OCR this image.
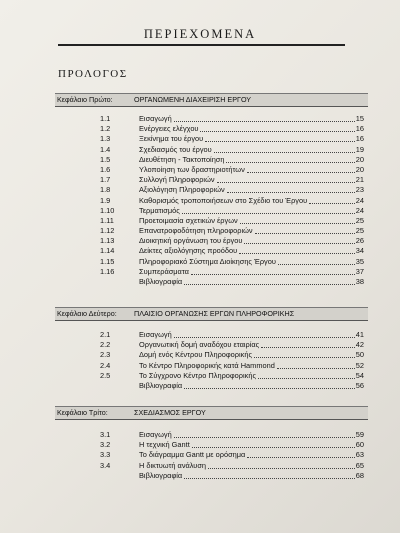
ΠΕΡΙΕΧΟΜΕΝΑ
ΠΡΟΛΟΓΟΣ
Κεφάλαιο Πρώτο:	ΟΡΓΑΝΩΜΕΝΗ ΔΙΑΧΕΙΡΙΣΗ ΕΡΓΟΥ
1.1	Εισαγωγή	15
1.2	Ενέργειες ελέγχου	16
1.3	Ξεκίνημα του έργου	16
1.4	Σχεδιασμός του έργου	19
1.5	Διευθέτηση - Τακτοποίηση	20
1.6	Υλοποίηση των δραστηριοτήτων	20
1.7	Συλλογή Πληροφοριών	21
1.8	Αξιολόγηση Πληροφοριών	23
1.9	Καθορισμός τροποποιήσεων στο Σχέδιο του Έργου	24
1.10	Τερματισμός	24
1.11	Προετοιμασία σχετικών έργων	25
1.12	Επανατροφοδότηση πληροφοριών	25
1.13	Διοικητική οργάνωση του έργου	26
1.14	Δείκτες αξιολόγησης προόδου	34
1.15	Πληροφοριακό Σύστημα Διοίκησης Έργου	35
1.16	Συμπεράσματα	37
Βιβλιογραφία	38
Κεφάλαιο Δεύτερο: ΠΛΑΙΣΙΟ ΟΡΓΑΝΩΣΗΣ ΕΡΓΩΝ ΠΛΗΡΟΦΟΡΙΚΗΣ
2.1	Εισαγωγή	41
2.2	Οργανωτική δομή αναδόχου εταιρίας	42
2.3	Δομή ενός Κέντρου Πληροφορικής	50
2.4	Το Κέντρο Πληροφορικής κατά Hammond	52
2.5	Το Σύγχρονο Κέντρο Πληροφορικής	54
Βιβλιογραφία	56
Κεφάλαιο Τρίτο:	ΣΧΕΔΙΑΣΜΟΣ ΕΡΓΟΥ
3.1	Εισαγωγή	59
3.2	Η τεχνική Gantt	60
3.3	Το διάγραμμα Gantt με ορόσημα	63
3.4	Η δικτυωτή ανάλυση	65
Βιβλιογραφία	68
